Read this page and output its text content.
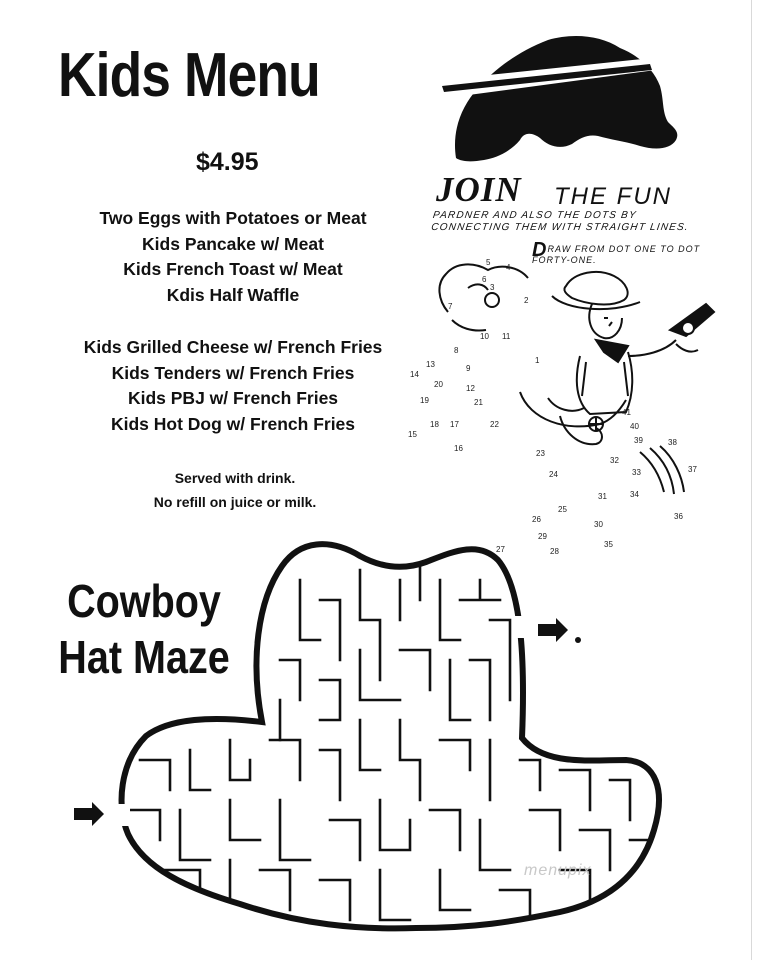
Kids Menu
$4.95
Two Eggs with Potatoes or Meat
Kids Pancake w/ Meat
Kids French Toast w/ Meat
Kdis Half Waffle
Kids Grilled Cheese w/ French Fries
Kids Tenders w/ French Fries
Kids PBJ w/ French Fries
Kids Hot Dog w/ French Fries
Served with drink.
No refill on juice or milk.
JOIN THE FUN
PARDNER AND ALSO THE DOTS BY CONNECTING THEM WITH STRAIGHT LINES.
DRAW FROM DOT ONE TO DOT FORTY-ONE.
1
2
3
4
5
6
7
8
9
10 11
12
13
14
15
16
17
18
19
20
21
22
23
24
25
26
27	28
29
30
31
32
33
34
35
36
37
38
39
40
41
Cowboy
Hat Maze
menupix
